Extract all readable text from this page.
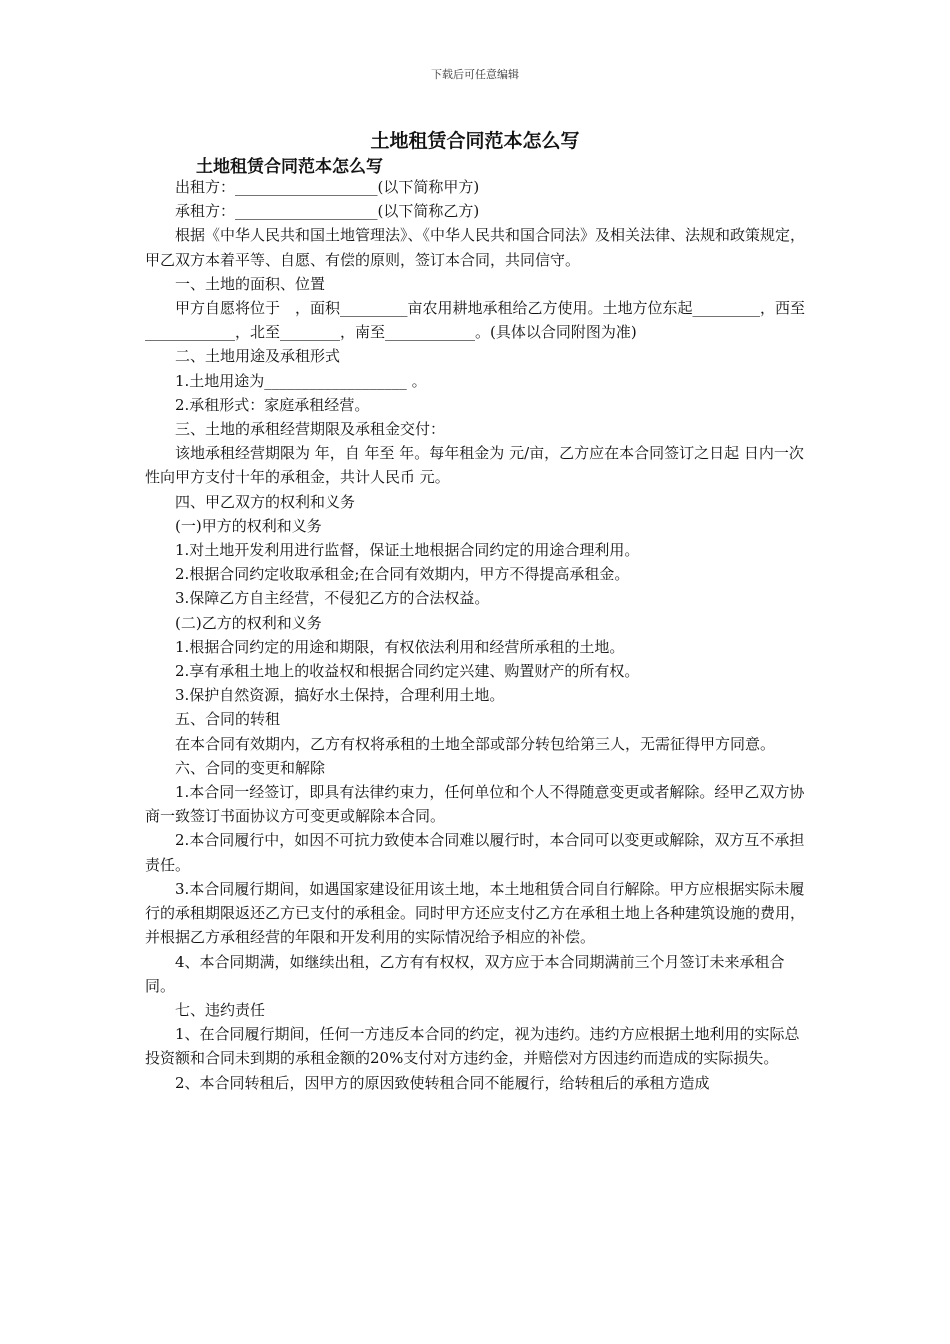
下载后可任意编辑
土地租赁合同范本怎么写
土地租赁合同范本怎么写

出租方：___________________(以下简称甲方)

承租方：___________________(以下简称乙方)

根据《中华人民共和国土地管理法》、《中华人民共和国合同法》及相关法律、法规和政策规定，甲乙双方本着平等、自愿、有偿的原则，签订本合同，共同信守。

一、土地的面积、位置

甲方自愿将位于　，面积_________亩农用耕地承租给乙方使用。土地方位东起_________，西至____________，北至________，南至____________。(具体以合同附图为准)

二、土地用途及承租形式

1.土地用途为___________________ 。

2.承租形式：家庭承租经营。

三、土地的承租经营期限及承租金交付：

该地承租经营期限为 年，自 年至 年。每年租金为 元/亩，乙方应在本合同签订之日起 日内一次性向甲方支付十年的承租金，共计人民币 元。

四、甲乙双方的权利和义务

(一)甲方的权利和义务

1.对土地开发利用进行监督，保证土地根据合同约定的用途合理利用。

2.根据合同约定收取承租金;在合同有效期内，甲方不得提高承租金。

3.保障乙方自主经营，不侵犯乙方的合法权益。

(二)乙方的权利和义务

1.根据合同约定的用途和期限，有权依法利用和经营所承租的土地。

2.享有承租土地上的收益权和根据合同约定兴建、购置财产的所有权。

3.保护自然资源，搞好水土保持，合理利用土地。

五、合同的转租

在本合同有效期内，乙方有权将承租的土地全部或部分转包给第三人，无需征得甲方同意。

六、合同的变更和解除

1.本合同一经签订，即具有法律约束力，任何单位和个人不得随意变更或者解除。经甲乙双方协商一致签订书面协议方可变更或解除本合同。

2.本合同履行中，如因不可抗力致使本合同难以履行时，本合同可以变更或解除，双方互不承担责任。

3.本合同履行期间，如遇国家建设征用该土地，本土地租赁合同自行解除。甲方应根据实际未履行的承租期限返还乙方已支付的承租金。同时甲方还应支付乙方在承租土地上各种建筑设施的费用，并根据乙方承租经营的年限和开发利用的实际情况给予相应的补偿。

4、本合同期满，如继续出租，乙方有有权权，双方应于本合同期满前三个月签订未来承租合同。

七、违约责任

1、在合同履行期间，任何一方违反本合同的约定，视为违约。违约方应根据土地利用的实际总投资额和合同未到期的承租金额的20%支付对方违约金，并赔偿对方因违约而造成的实际损失。

2、本合同转租后，因甲方的原因致使转租合同不能履行，给转租后的承租方造成
